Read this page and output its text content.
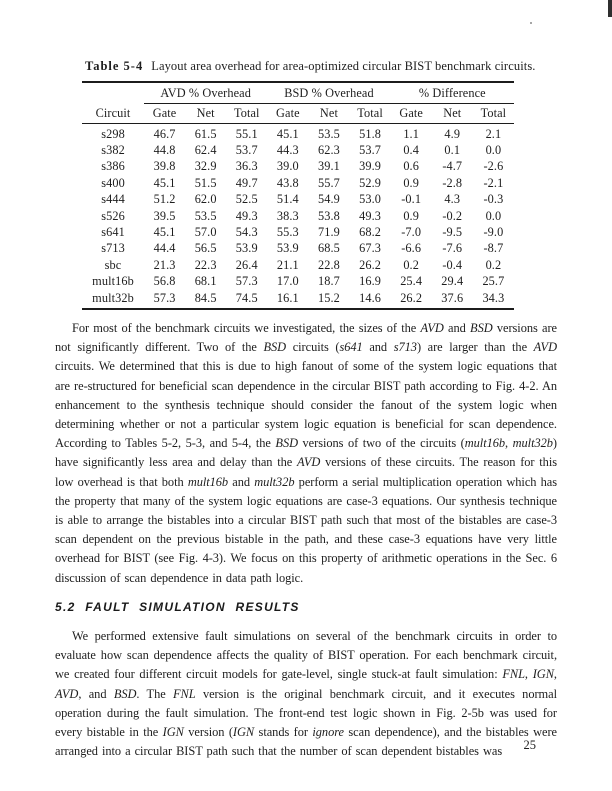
Table 5-4 Layout area overhead for area-optimized circular BIST benchmark circuits.

	AVD % Overhead			BSD % Overhead			% Difference		
Circuit	Gate	Net	Total	Gate	Net	Total	Gate	Net	Total
s298	46.7	61.5	55.1	45.1	53.5	51.8	1.1	4.9	2.1
s382	44.8	62.4	53.7	44.3	62.3	53.7	0.4	0.1	0.0
s386	39.8	32.9	36.3	39.0	39.1	39.9	0.6	-4.7	-2.6
s400	45.1	51.5	49.7	43.8	55.7	52.9	0.9	-2.8	-2.1
s444	51.2	62.0	52.5	51.4	54.9	53.0	-0.1	4.3	-0.3
s526	39.5	53.5	49.3	38.3	53.8	49.3	0.9	-0.2	0.0
s641	45.1	57.0	54.3	55.3	71.9	68.2	-7.0	-9.5	-9.0
s713	44.4	56.5	53.9	53.9	68.5	67.3	-6.6	-7.6	-8.7
sbc	21.3	22.3	26.4	21.1	22.8	26.2	0.2	-0.4	0.2
mult16b	56.8	68.1	57.3	17.0	18.7	16.9	25.4	29.4	25.7
mult32b	57.3	84.5	74.5	16.1	15.2	14.6	26.2	37.6	34.3

For most of the benchmark circuits we investigated, the sizes of the AVD and BSD versions are not significantly different. Two of the BSD circuits (s641 and s713) are larger than the AVD circuits. We determined that this is due to high fanout of some of the system logic equations that are re-structured for beneficial scan dependence in the circular BIST path according to Fig. 4-2. An enhancement to the synthesis technique should consider the fanout of the system logic when determining whether or not a particular system logic equation is beneficial for scan dependence. According to Tables 5-2, 5-3, and 5-4, the BSD versions of two of the circuits (mult16b, mult32b) have significantly less area and delay than the AVD versions of these circuits. The reason for this low overhead is that both mult16b and mult32b perform a serial multiplication operation which has the property that many of the system logic equations are case-3 equations. Our synthesis technique is able to arrange the bistables into a circular BIST path such that most of the bistables are case-3 scan dependent on the previous bistable in the path, and these case-3 equations have very little overhead for BIST (see Fig. 4-3). We focus on this property of arithmetic operations in the Sec. 6 discussion of scan dependence in data path logic.

5.2 FAULT SIMULATION RESULTS

We performed extensive fault simulations on several of the benchmark circuits in order to evaluate how scan dependence affects the quality of BIST operation. For each benchmark circuit, we created four different circuit models for gate-level, single stuck-at fault simulation: FNL, IGN, AVD, and BSD. The FNL version is the original benchmark circuit, and it executes normal operation during the fault simulation. The front-end test logic shown in Fig. 2-5b was used for every bistable in the IGN version (IGN stands for ignore scan dependence), and the bistables were arranged into a circular BIST path such that the number of scan dependent bistables was	25
